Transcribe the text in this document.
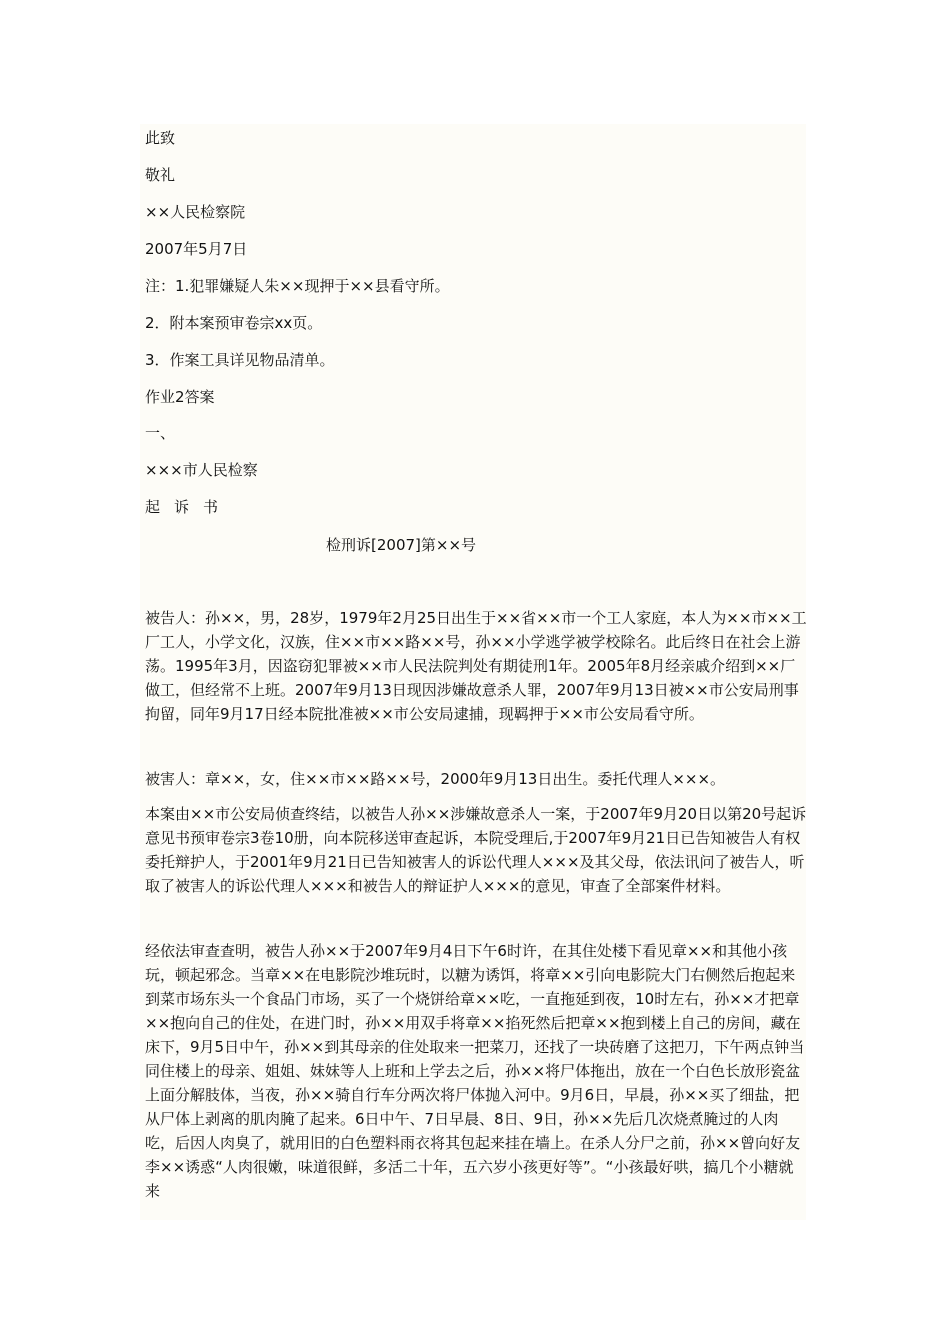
此致
敬礼
××人民检察院
2007年5月7日
注：1.犯罪嫌疑人朱××现押于××县看守所。
2．附本案预审卷宗xx页。
3．作案工具详见物品清单。
作业2答案
一、
×××市人民检察
起诉书
检刑诉[2007]第××号
被告人：孙××，男，28岁，1979年2月25日出生于××省××市一个工人家庭，本人为××市××工厂工人，小学文化，汉族，住××市××路××号，孙××小学逃学被学校除名。此后终日在社会上游荡。1995年3月，因盗窃犯罪被××市人民法院判处有期徒刑1年。2005年8月经亲戚介绍到××厂做工，但经常不上班。2007年9月13日现因涉嫌故意杀人罪，2007年9月13日被××市公安局刑事拘留，同年9月17日经本院批准被××市公安局逮捕，现羁押于××市公安局看守所。
被害人：章××，女，住××市××路××号，2000年9月13日出生。委托代理人×××。
本案由××市公安局侦查终结，以被告人孙××涉嫌故意杀人一案，于2007年9月20日以第20号起诉意见书预审卷宗3卷10册，向本院移送审查起诉，本院受理后,于2007年9月21日已告知被告人有权委托辩护人，于2001年9月21日已告知被害人的诉讼代理人×××及其父母，依法讯问了被告人，听取了被害人的诉讼代理人×××和被告人的辩证护人×××的意见，审查了全部案件材料。
经依法审查查明，被告人孙××于2007年9月4日下午6时许，在其住处楼下看见章××和其他小孩玩，顿起邪念。当章××在电影院沙堆玩时，以糖为诱饵，将章××引向电影院大门右侧然后抱起来到菜市场东头一个食品门市场，买了一个烧饼给章××吃，一直拖延到夜，10时左右，孙××才把章××抱向自己的住处，在进门时，孙××用双手将章××掐死然后把章××抱到楼上自己的房间，藏在床下，9月5日中午，孙××到其母亲的住处取来一把菜刀，还找了一块砖磨了这把刀，下午两点钟当同住楼上的母亲、姐姐、妹妹等人上班和上学去之后，孙××将尸体拖出，放在一个白色长放形瓷盆上面分解肢体，当夜，孙××骑自行车分两次将尸体抛入河中。9月6日，早晨，孙××买了细盐，把从尸体上剥离的肌肉腌了起来。6日中午、7日早晨、8日、9日，孙××先后几次烧煮腌过的人肉吃，后因人肉臭了，就用旧的白色塑料雨衣将其包起来挂在墙上。在杀人分尸之前，孙××曾向好友李××诱惑“人肉很嫩，味道很鲜，多活二十年，五六岁小孩更好等”。“小孩最好哄，搞几个小糖就来
